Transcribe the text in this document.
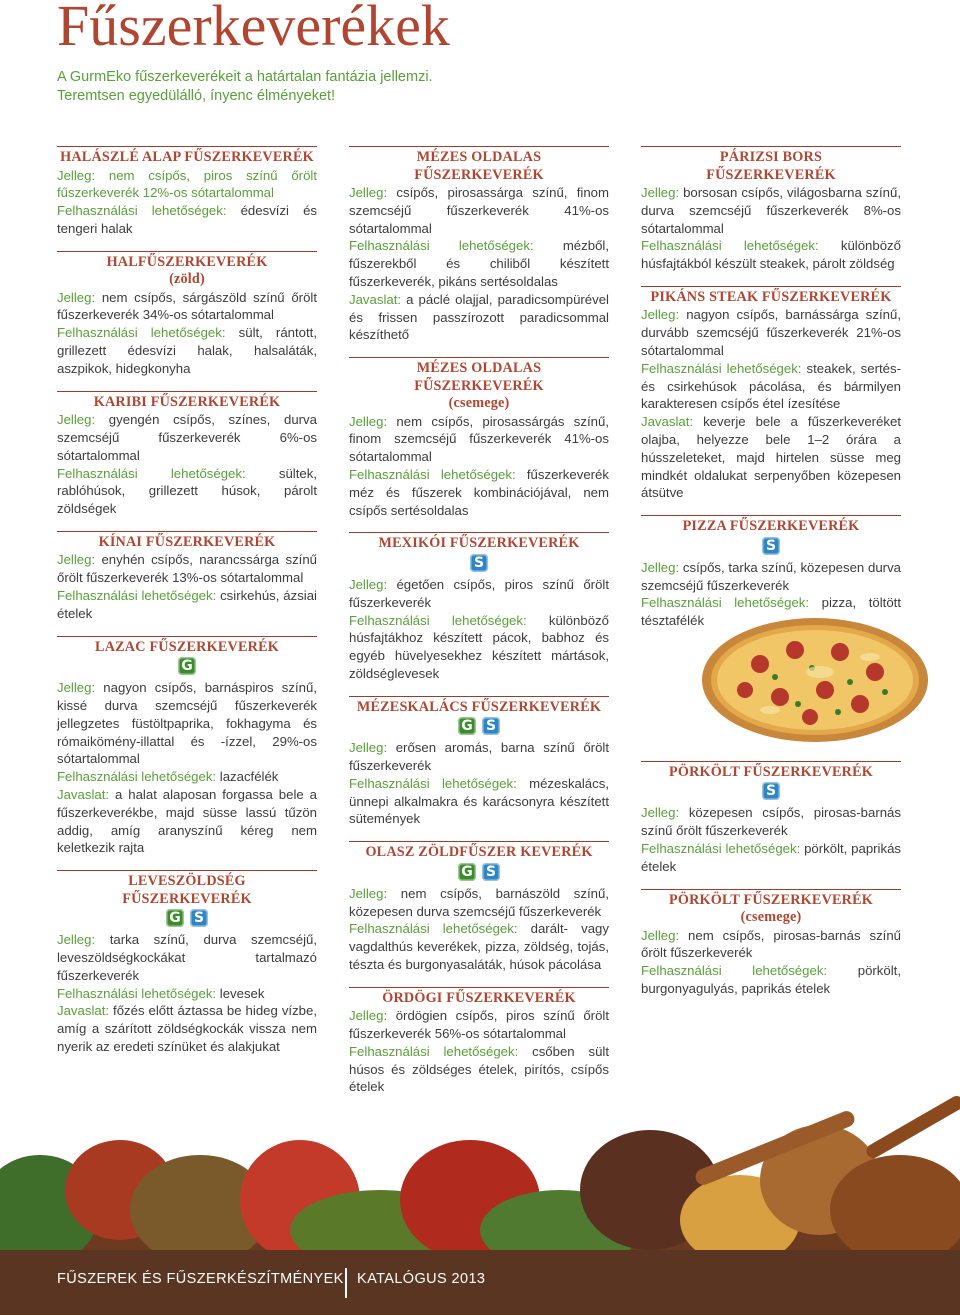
Fűszerkeverékek
A GurmEko fűszerkeverékeit a határtalan fantázia jellemzi.
Teremtsen egyedülálló, ínyenc élményeket!
HALÁSZLÉ ALAP FŰSZERKEVERÉK

Jelleg: nem csípős, piros színű őrölt fűszerkeverék 12%-os sótartalommal

Felhasználási lehetőségek: édesvízi és tengeri halak

HALFŰSZERKEVERÉK
(zöld)

Jelleg: nem csípős, sárgászöld színű őrölt fűszerkeverék 34%-os sótartalommal

Felhasználási lehetőségek: sült, rántott, grillezett édesvízi halak, halsaláták, aszpikok, hidegkonyha

KARIBI FŰSZERKEVERÉK

Jelleg: gyengén csípős, színes, durva szemcséjű fűszerkeverék 6%-os sótartalommal

Felhasználási lehetőségek: sültek, rablóhúsok, grillezett húsok, párolt zöldségek

KÍNAI FŰSZERKEVERÉK

Jelleg: enyhén csípős, narancssárga színű őrölt fűszerkeverék 13%-os sótartalommal

Felhasználási lehetőségek: csirkehús, ázsiai ételek

LAZAC FŰSZERKEVERÉK
G

Jelleg: nagyon csípős, barnáspiros színű, kissé durva szemcséjű fűszerkeverék jellegzetes füstöltpaprika, fokhagyma és rómaikömény-illattal és -ízzel, 29%-os sótartalommal

Felhasználási lehetőségek: lazacfélék

Javaslat: a halat alaposan forgassa bele a fűszerkeverékbe, majd süsse lassú tűzön addig, amíg aranyszínű kéreg nem keletkezik rajta

LEVESZÖLDSÉG
FŰSZERKEVERÉK
G S

Jelleg: tarka színű, durva szemcséjű, leveszöldségkockákat tartalmazó fűszerkeverék

Felhasználási lehetőségek: levesek

Javaslat: főzés előtt áztassa be hideg vízbe, amíg a szárított zöldségkockák vissza nem nyerik az eredeti színüket és alakjukat

MÉZES OLDALAS
FŰSZERKEVERÉK

Jelleg: csípős, pirosassárga színű, finom szemcséjű fűszerkeverék 41%-os sótartalommal

Felhasználási lehetőségek: mézből, fűszerekből és chiliből készített fűszerkeverék, pikáns sertésoldalas

Javaslat: a páclé olajjal, paradicsompürével és frissen passzírozott paradicsommal készíthető

MÉZES OLDALAS
FŰSZERKEVERÉK
(csemege)

Jelleg: nem csípős, pirosassárgás színű, finom szemcséjű fűszerkeverék 41%-os sótartalommal

Felhasználási lehetőségek: fűszerkeverék méz és fűszerek kombinációjával, nem csípős sertésoldalas

MEXIKÓI FŰSZERKEVERÉK
S

Jelleg: égetően csípős, piros színű őrölt fűszerkeverék

Felhasználási lehetőségek: különböző húsfajtákhoz készített pácok, babhoz és egyéb hüvelyesekhez készített mártások, zöldséglevesek

MÉZESKALÁCS FŰSZERKEVERÉK
G S

Jelleg: erősen aromás, barna színű őrölt fűszerkeverék

Felhasználási lehetőségek: mézeskalács, ünnepi alkalmakra és karácsonyra készített sütemények

OLASZ ZÖLDFŰSZER KEVERÉK
G S

Jelleg: nem csípős, barnászöld színű, közepesen durva szemcséjű fűszerkeverék

Felhasználási lehetőségek: darált- vagy vagdalthús keverékek, pizza, zöldség, tojás, tészta és burgonyasaláták, húsok pácolása

ÖRDÖGI FŰSZERKEVERÉK

Jelleg: ördögien csípős, piros színű őrölt fűszerkeverék 56%-os sótartalommal

Felhasználási lehetőségek: csőben sült húsos és zöldséges ételek, pirítós, csípős ételek

PÁRIZSI BORS
FŰSZERKEVERÉK

Jelleg: borsosan csípős, világosbarna színű, durva szemcséjű fűszerkeverék 8%-os sótartalommal

Felhasználási lehetőségek: különböző húsfajtákból készült steakek, párolt zöldség

PIKÁNS STEAK FŰSZERKEVERÉK

Jelleg: nagyon csípős, barnássárga színű, durvább szemcséjű fűszerkeverék 21%-os sótartalommal

Felhasználási lehetőségek: steakek, sertés- és csirkehúsok pácolása, és bármilyen karakteresen csípős étel ízesítése

Javaslat: keverje bele a fűszerkeveréket olajba, helyezze bele 1–2 órára a hússzeleteket, majd hirtelen süsse meg mindkét oldalukat serpenyőben közepesen átsütve

PIZZA FŰSZERKEVERÉK
S

Jelleg: csípős, tarka színű, közepesen durva szemcséjű fűszerkeverék

Felhasználási lehetőségek: pizza, töltött tésztafélék

PÖRKÖLT FŰSZERKEVERÉK
S

Jelleg: közepesen csípős, pirosas-barnás színű őrölt fűszerkeverék

Felhasználási lehetőségek: pörkölt, paprikás ételek

PÖRKÖLT FŰSZERKEVERÉK
(csemege)

Jelleg: nem csípős, pirosas-barnás színű őrölt fűszerkeverék

Felhasználási lehetőségek: pörkölt, burgonyagulyás, paprikás ételek

FŰSZEREK ÉS FŰSZERKÉSZÍTMÉNYEK KATALÓGUS 2013
